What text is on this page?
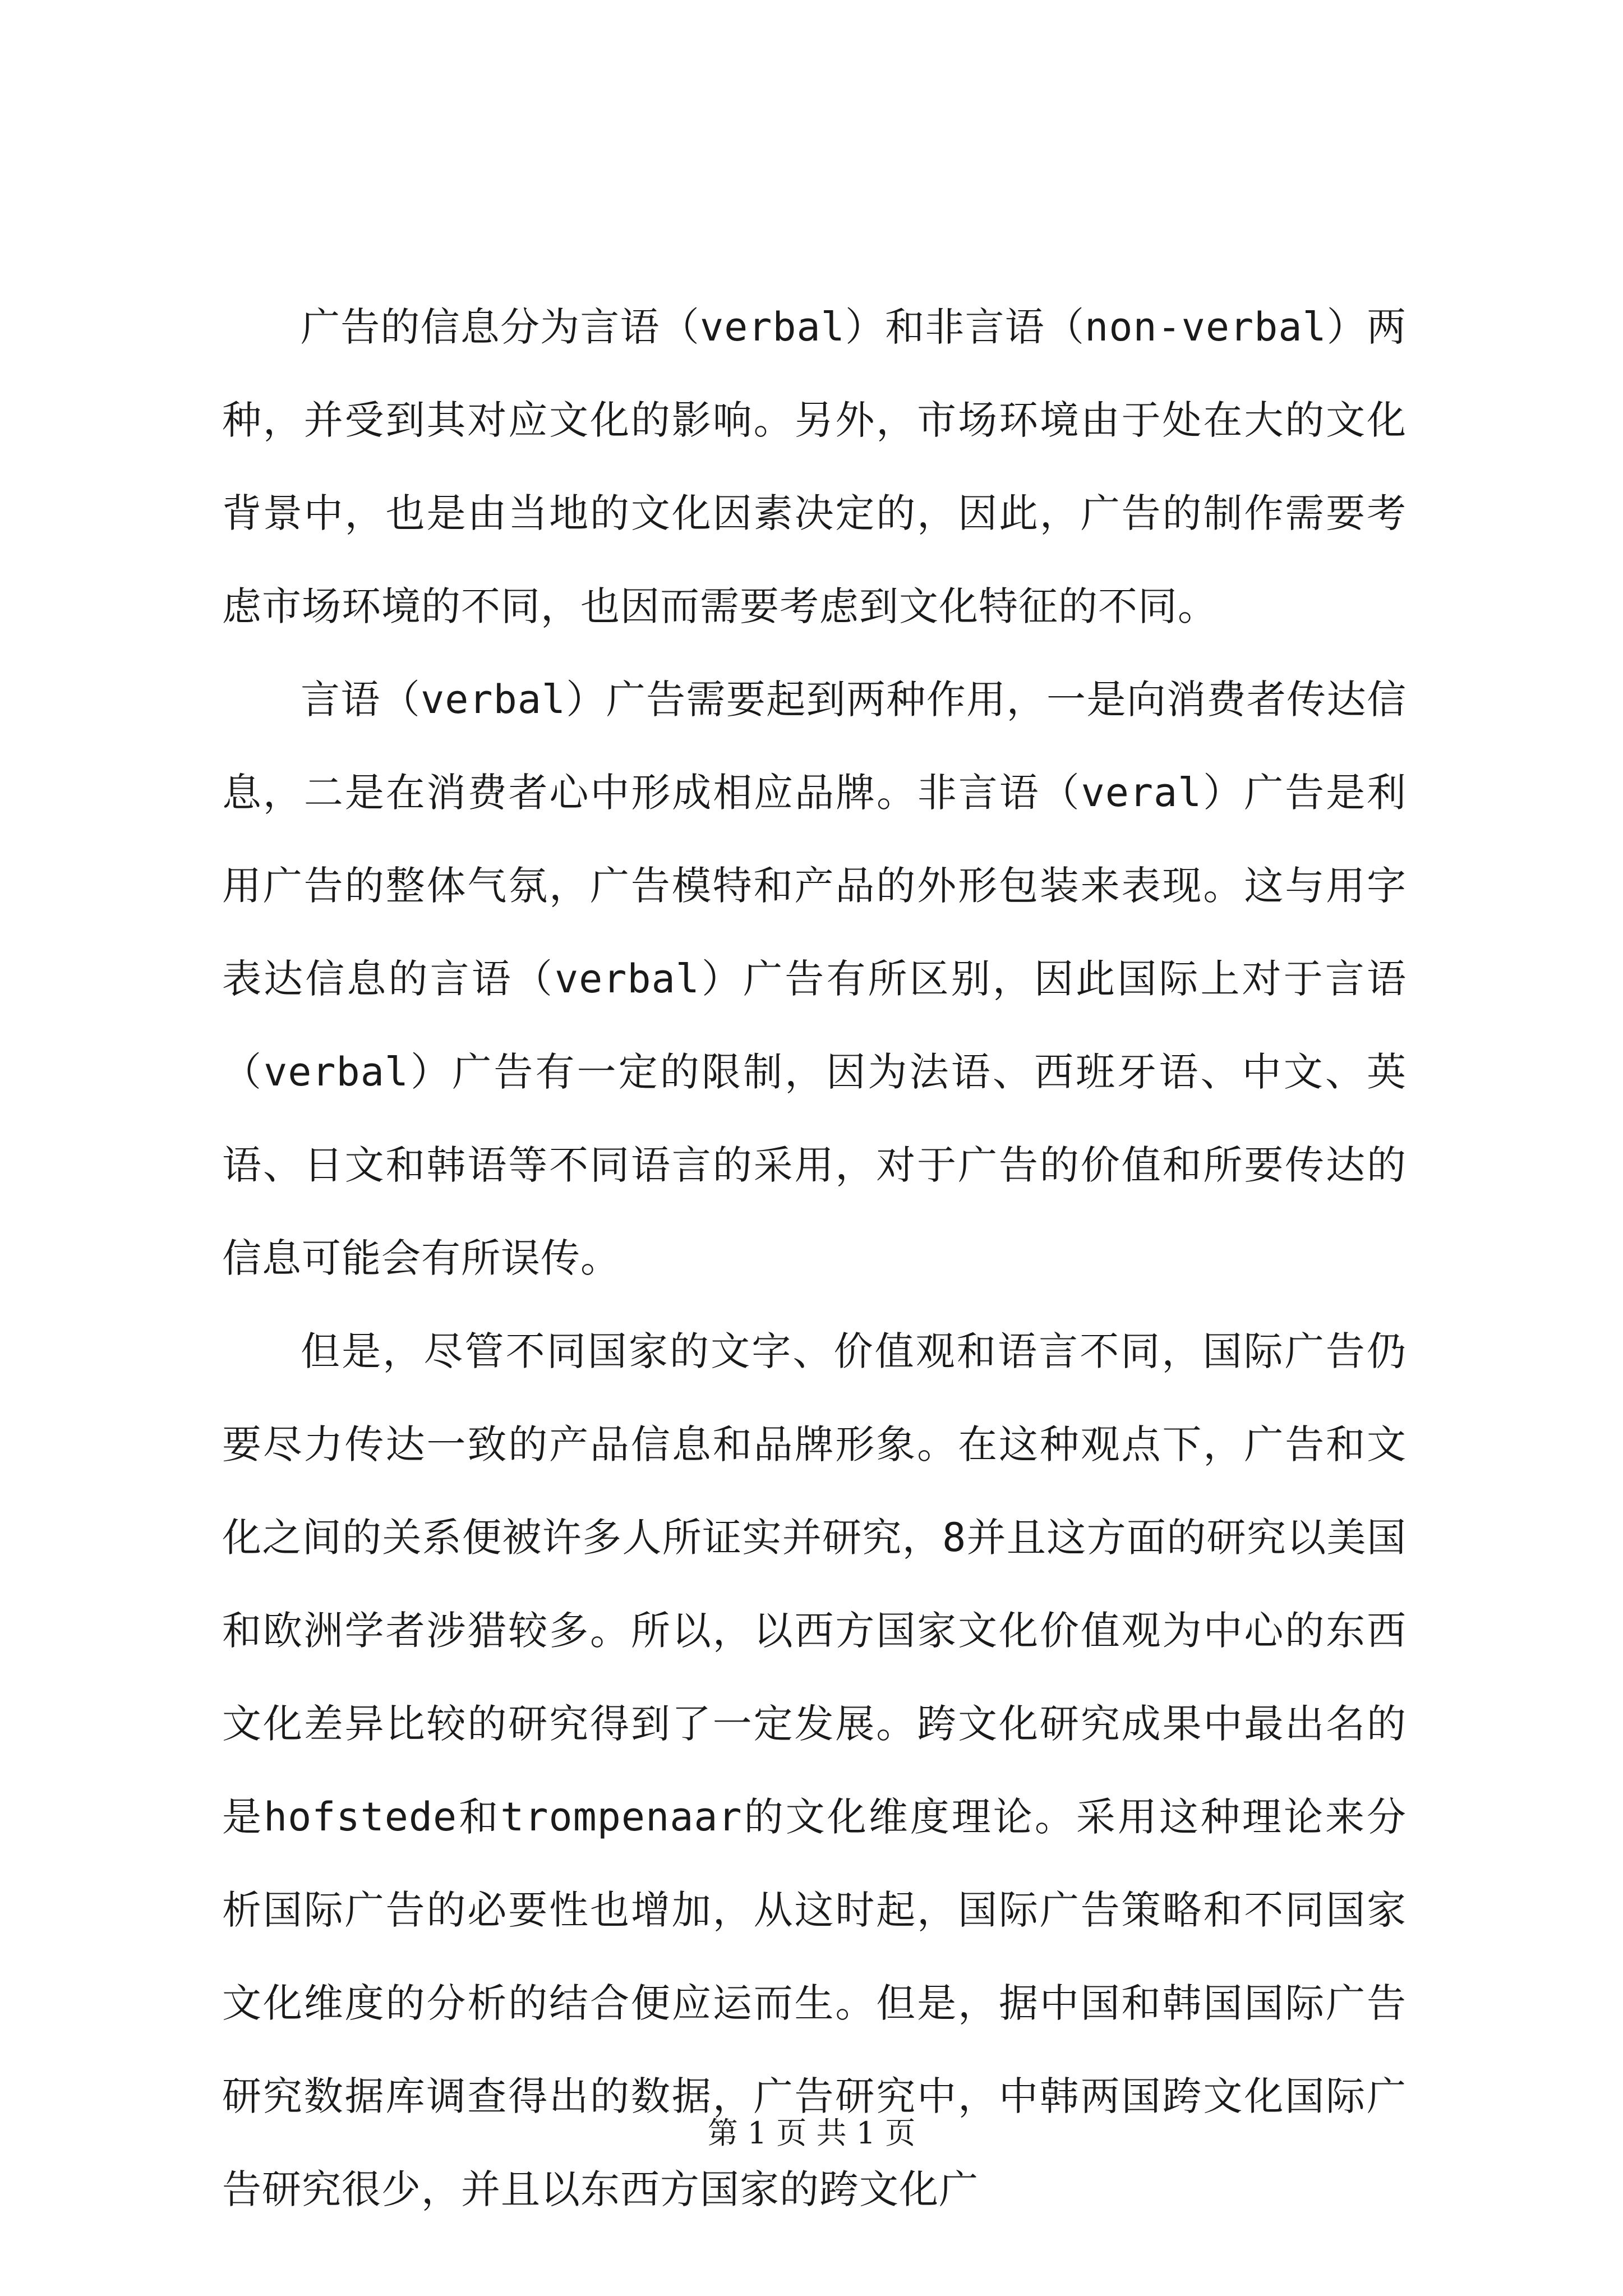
广告的信息分为言语（verbal）和非言语（non-verbal）两种，并受到其对应文化的影响。另外，市场环境由于处在大的文化背景中，也是由当地的文化因素决定的，因此，广告的制作需要考虑市场环境的不同，也因而需要考虑到文化特征的不同。

言语（verbal）广告需要起到两种作用，一是向消费者传达信息，二是在消费者心中形成相应品牌。非言语（veral）广告是利用广告的整体气氛，广告模特和产品的外形包装来表现。这与用字表达信息的言语（verbal）广告有所区别，因此国际上对于言语（verbal）广告有一定的限制，因为法语、西班牙语、中文、英语、日文和韩语等不同语言的采用，对于广告的价值和所要传达的信息可能会有所误传。

但是，尽管不同国家的文字、价值观和语言不同，国际广告仍要尽力传达一致的产品信息和品牌形象。在这种观点下，广告和文化之间的关系便被许多人所证实并研究，8并且这方面的研究以美国和欧洲学者涉猎较多。所以，以西方国家文化价值观为中心的东西文化差异比较的研究得到了一定发展。跨文化研究成果中最出名的是hofstede和trompenaar的文化维度理论。采用这种理论来分析国际广告的必要性也增加，从这时起，国际广告策略和不同国家文化维度的分析的结合便应运而生。但是，据中国和韩国国际广告研究数据库调查得出的数据，广告研究中，中韩两国跨文化国际广告研究很少，并且以东西方国家的跨文化广

第 1 页 共 1 页
